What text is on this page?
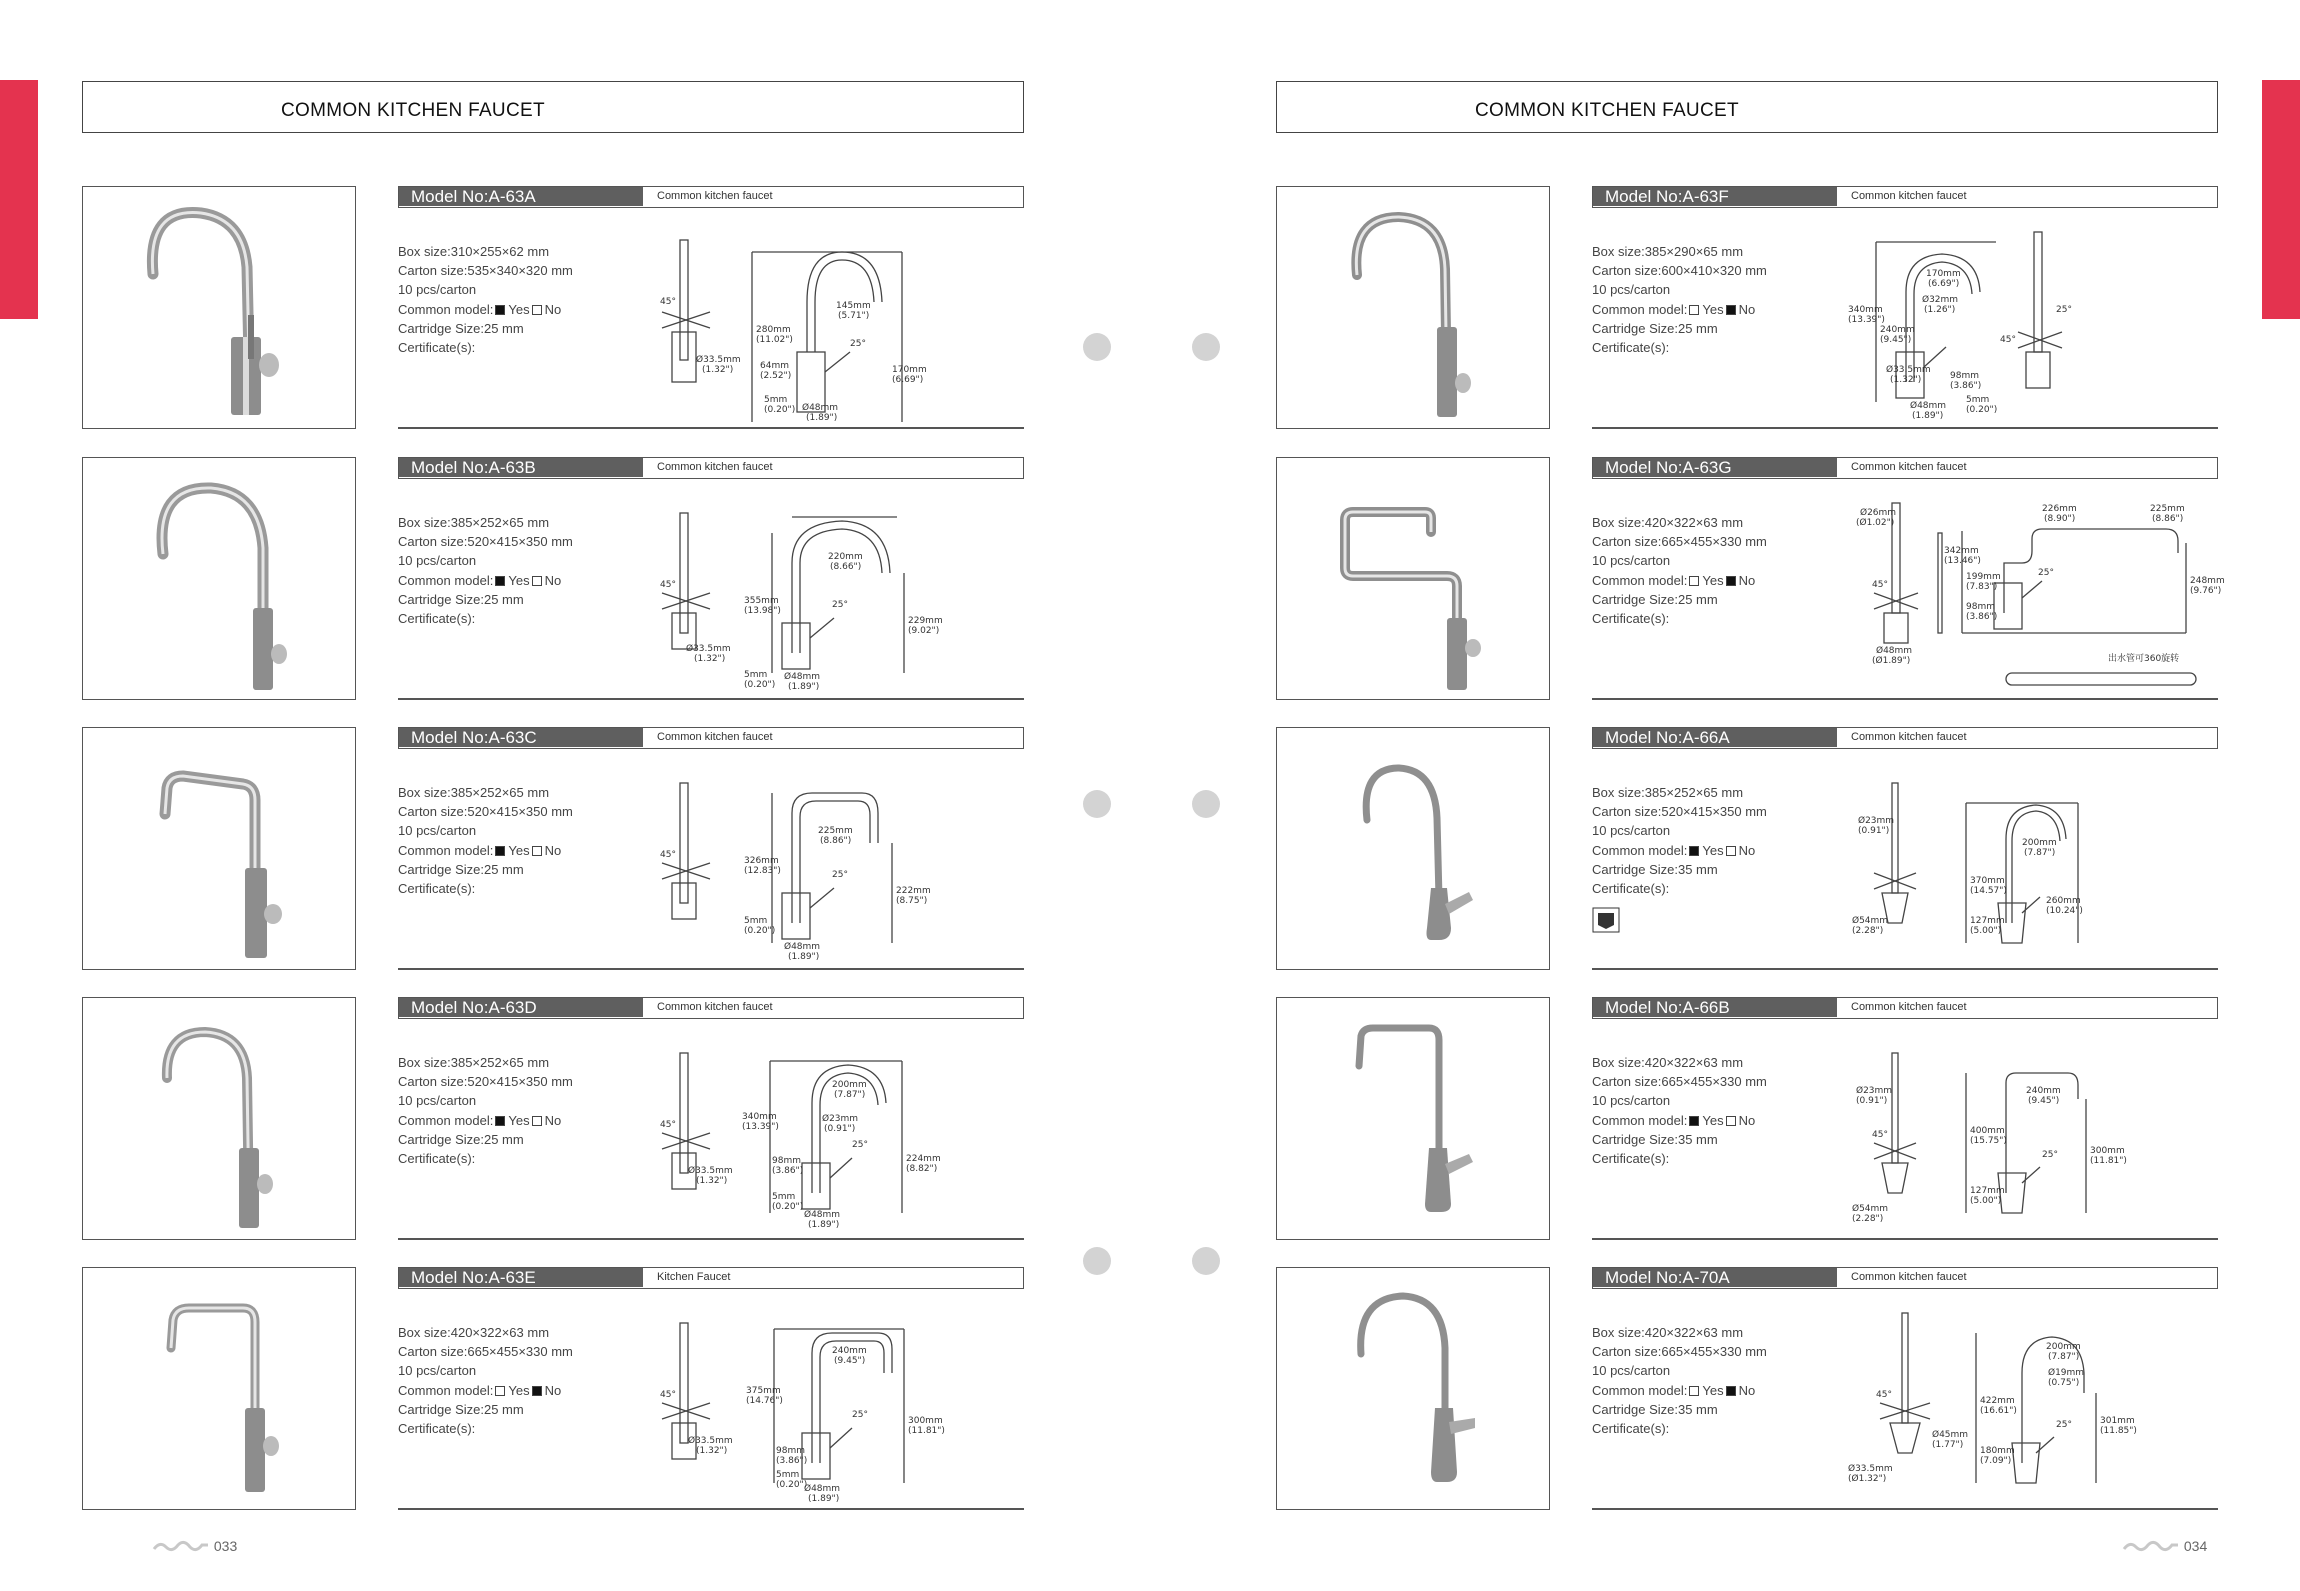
COMMON KITCHEN FAUCET
Model No:A-63A	Common kitchen faucet
Box size:310×255×62 mm
Carton size:535×340×320 mm
10 pcs/carton
Common model: Yes No
Cartridge Size:25 mm
Certificate(s):
145mm
(5.71")
280mm
(11.02")
170mm
(6.69")
Ø33.5mm
(1.32")	64mm
(2.52")
5mm
(0.20") Ø48mm
(1.89")
45°
25°
Model No:A-63B	Common kitchen faucet
Box size:385×252×65 mm
Carton size:520×415×350 mm
10 pcs/carton
Common model: Yes No
Cartridge Size:25 mm
Certificate(s):
220mm
(8.66")
355mm
(13.98")
229mm
(9.02")
Ø33.5mm
(1.32")
5mm
(0.20")
Ø48mm
(1.89")
45°
25°
Model No:A-63C	Common kitchen faucet
Box size:385×252×65 mm
Carton size:520×415×350 mm
10 pcs/carton
Common model: Yes No
Cartridge Size:25 mm
Certificate(s):
225mm
(8.86")
326mm
(12.83")
222mm
(8.75")
5mm
(0.20")
Ø48mm
(1.89")
45°
25°
Model No:A-63D	Common kitchen faucet
Box size:385×252×65 mm
Carton size:520×415×350 mm
10 pcs/carton
Common model: Yes No
Cartridge Size:25 mm
Certificate(s):
200mm
(7.87")
340mm
(13.39")
Ø23mm
(0.91")
224mm
(8.82")
Ø33.5mm
(1.32")
98mm
(3.86")
5mm
(0.20")
Ø48mm
(1.89")
45°
25°
Model No:A-63E	Kitchen Faucet
Box size:420×322×63 mm
Carton size:665×455×330 mm
10 pcs/carton
Common model: Yes No
Cartridge Size:25 mm
Certificate(s):
240mm
(9.45")
375mm
(14.76")
300mm
(11.81")
Ø33.5mm
(1.32")	98mm
(3.86")
5mm
(0.20")
Ø48mm
(1.89")
45°
25°
033
COMMON KITCHEN FAUCET
Model No:A-63F	Common kitchen faucet
Box size:385×290×65 mm
Carton size:600×410×320 mm
10 pcs/carton
Common model: Yes No
Cartridge Size:25 mm
Certificate(s):
170mm
(6.69")
Ø32mm
(1.26")
340mm
(13.39")
240mm
(9.45")
Ø33.5mm
(1.32")	98mm
(3.86")
5mm
(0.20")
Ø48mm
(1.89")
45°
25°
Model No:A-63G	Common kitchen faucet
Box size:420×322×63 mm
Carton size:665×455×330 mm
10 pcs/carton
Common model: Yes No
Cartridge Size:25 mm
Certificate(s):
Ø26mm
(Ø1.02")
226mm
(8.90")
225mm
(8.86")
342mm
(13.46")
199mm
(7.83")
98mm
(3.86")
248mm
(9.76")
Ø48mm
(Ø1.89")
45°
25°
出水管可360旋转
Model No:A-66A	Common kitchen faucet
Box size:385×252×65 mm
Carton size:520×415×350 mm
10 pcs/carton
Common model: Yes No
Cartridge Size:35 mm
Certificate(s):
Ø23mm
(0.91")
200mm
(7.87")
370mm
(14.57")
260mm
(10.24")
Ø54mm
(2.28")
127mm
(5.00")
Model No:A-66B	Common kitchen faucet
Box size:420×322×63 mm
Carton size:665×455×330 mm
10 pcs/carton
Common model: Yes No
Cartridge Size:35 mm
Certificate(s):
Ø23mm
(0.91")
240mm
(9.45")
400mm
(15.75")
300mm
(11.81")
Ø54mm
(2.28")
127mm
(5.00")
45°
25°
Model No:A-70A	Common kitchen faucet
Box size:420×322×63 mm
Carton size:665×455×330 mm
10 pcs/carton
Common model: Yes No
Cartridge Size:35 mm
Certificate(s):
200mm
(7.87")
Ø19mm
(0.75")
422mm
(16.61")
301mm
(11.85")
Ø45mm
(1.77")
180mm
(7.09")
Ø33.5mm
(Ø1.32")
45°
25°
034
